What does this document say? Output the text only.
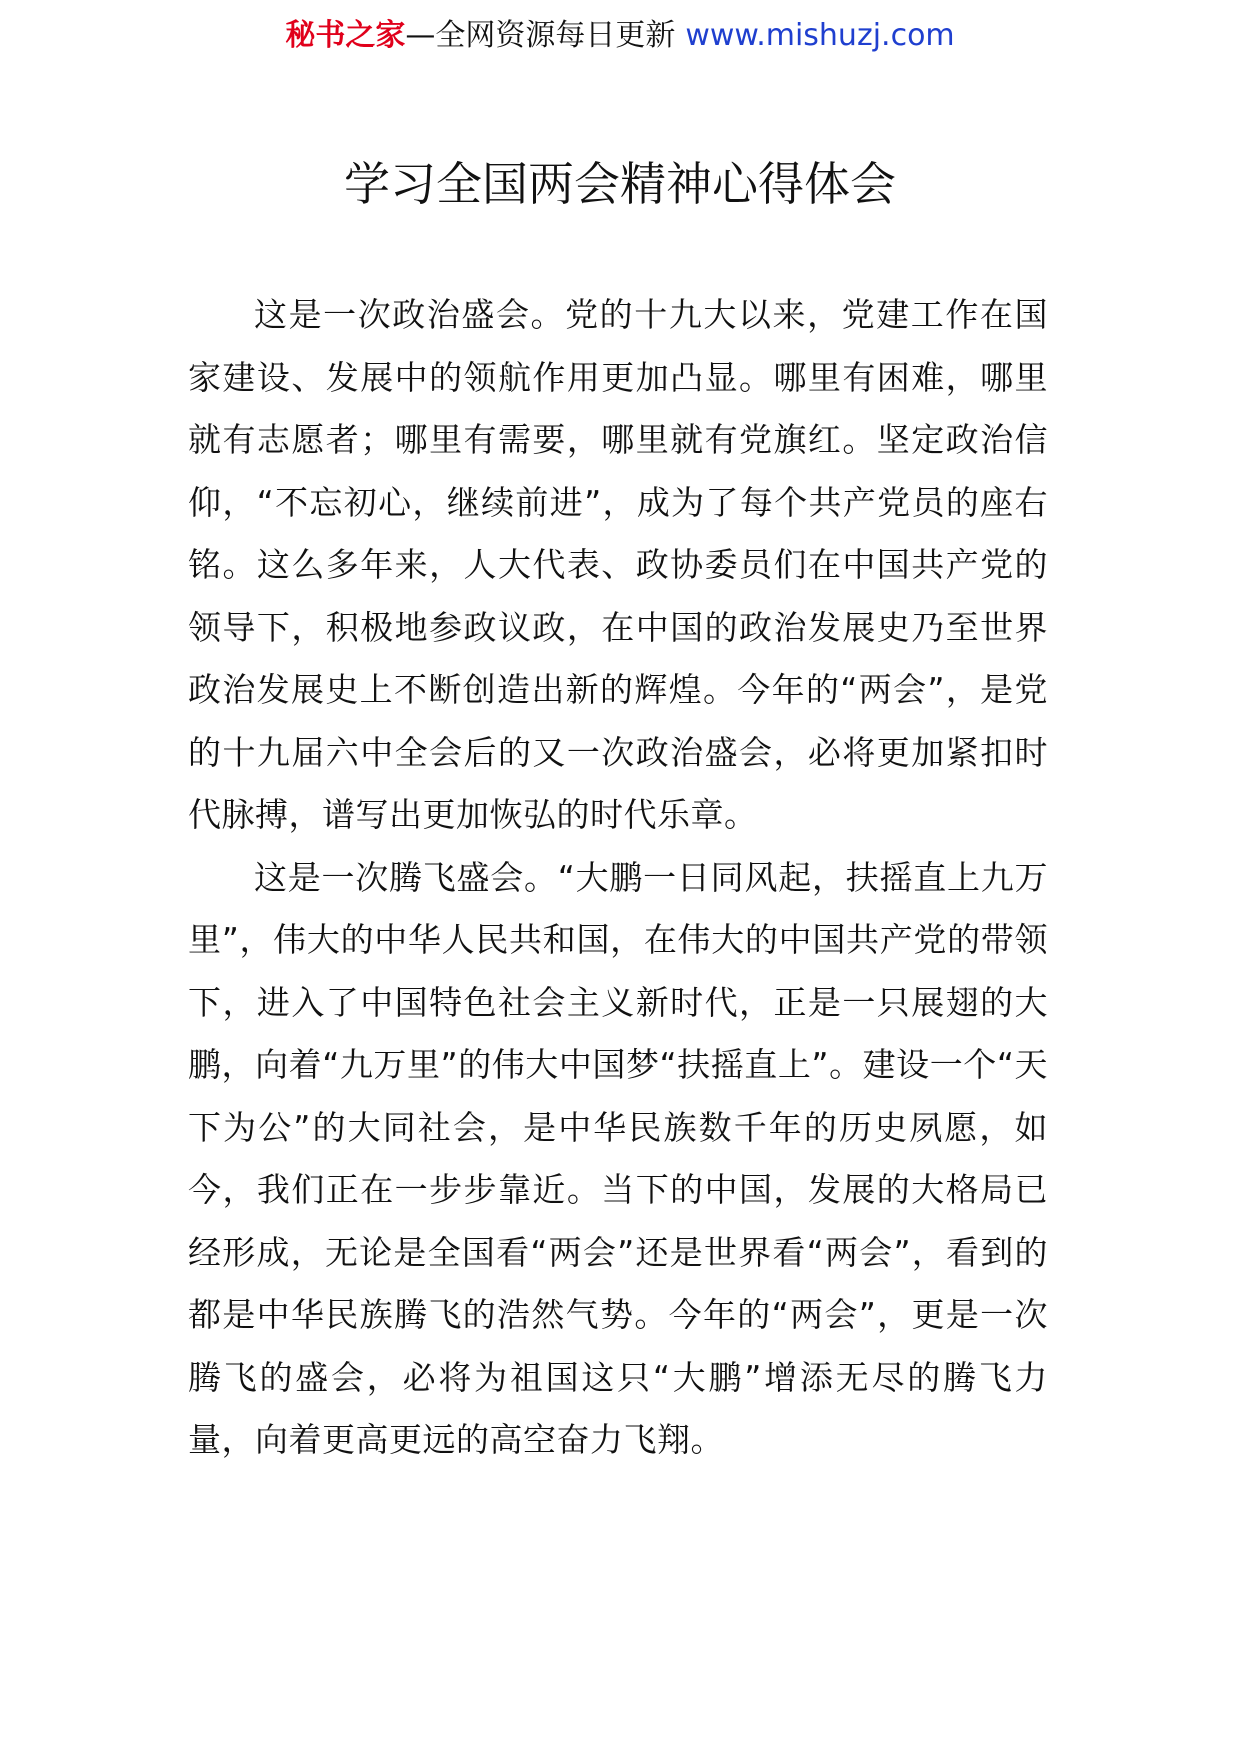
秘书之家—全网资源每日更新 www.mishuzj.com
学习全国两会精神心得体会

这是一次政治盛会。党的十九大以来，党建工作在国家建设、发展中的领航作用更加凸显。哪里有困难，哪里就有志愿者；哪里有需要，哪里就有党旗红。坚定政治信仰，“不忘初心，继续前进”，成为了每个共产党员的座右铭。这么多年来，人大代表、政协委员们在中国共产党的领导下，积极地参政议政，在中国的政治发展史乃至世界政治发展史上不断创造出新的辉煌。今年的“两会”，是党的十九届六中全会后的又一次政治盛会，必将更加紧扣时代脉搏，谱写出更加恢弘的时代乐章。

这是一次腾飞盛会。“大鹏一日同风起，扶摇直上九万里”，伟大的中华人民共和国，在伟大的中国共产党的带领下，进入了中国特色社会主义新时代，正是一只展翅的大鹏，向着“九万里”的伟大中国梦“扶摇直上”。建设一个“天下为公”的大同社会，是中华民族数千年的历史夙愿，如今，我们正在一步步靠近。当下的中国，发展的大格局已经形成，无论是全国看“两会”还是世界看“两会”，看到的都是中华民族腾飞的浩然气势。今年的“两会”，更是一次腾飞的盛会，必将为祖国这只“大鹏”增添无尽的腾飞力量，向着更高更远的高空奋力飞翔。
